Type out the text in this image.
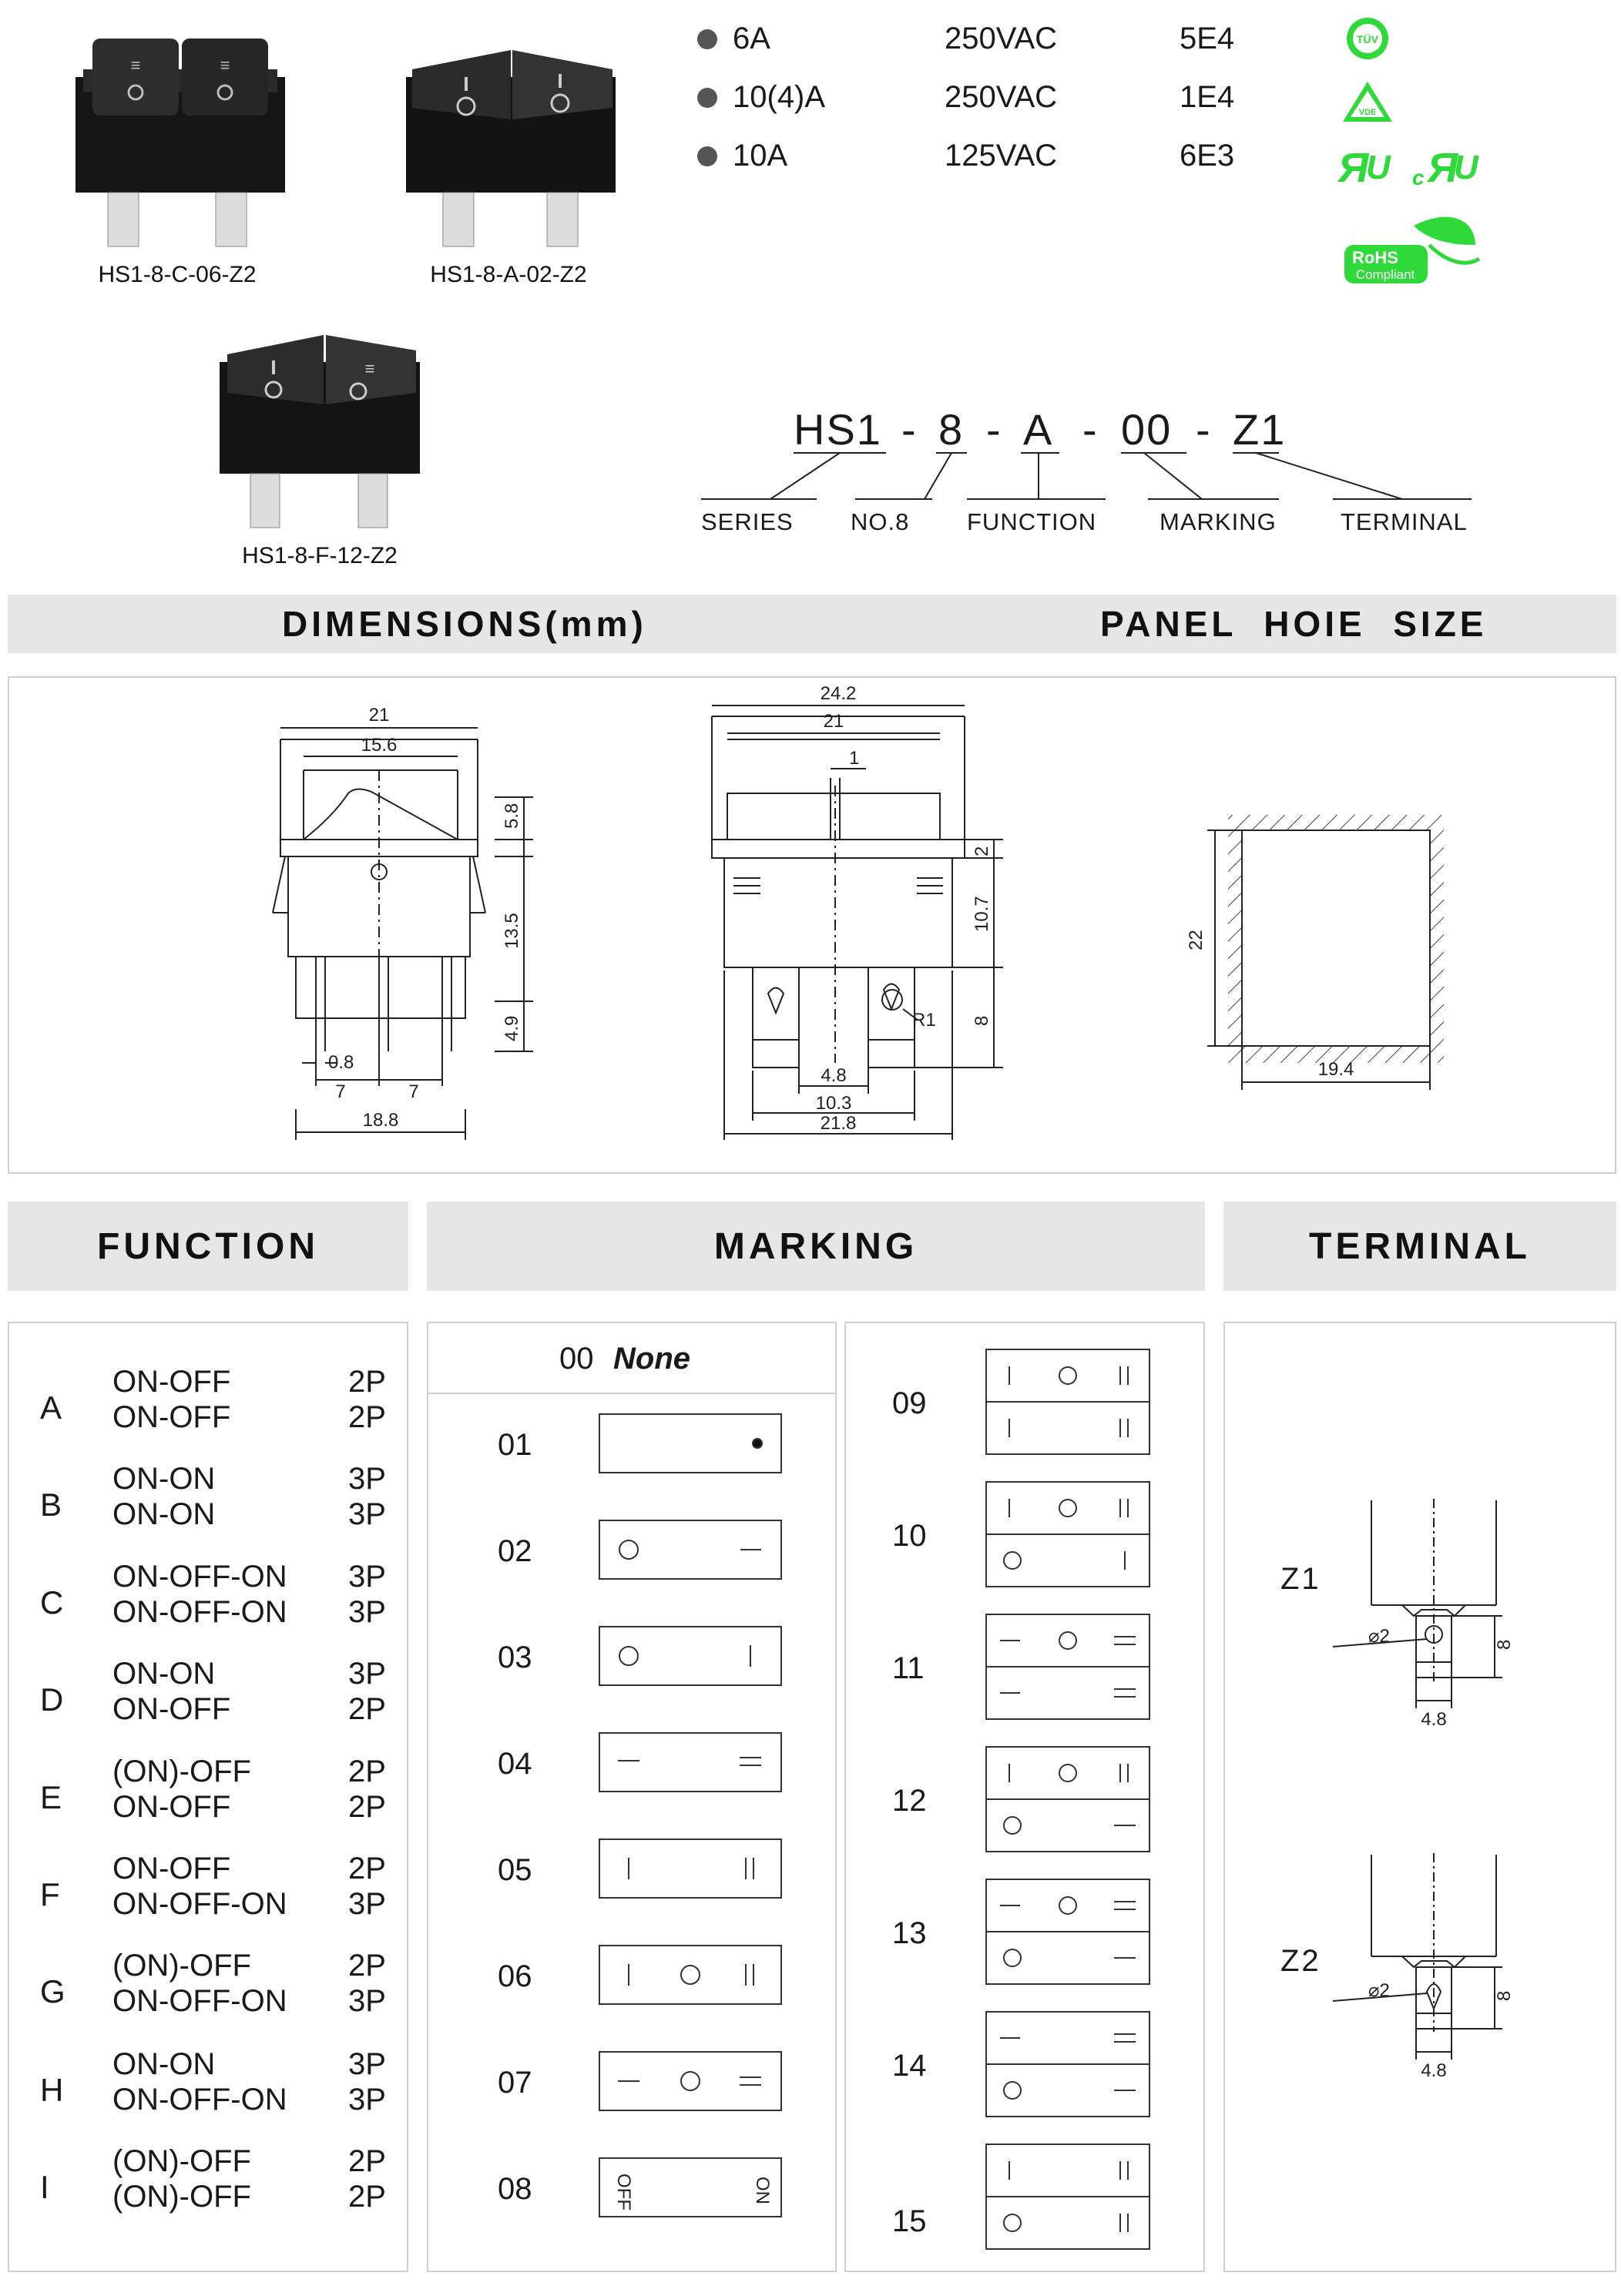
≡	≡
HS1-8-C-06-Z2	HS1-8-A-02-Z2
≡
HS1-8-F-12-Z2
6A	250VAC	5E4
10(4)A	250VAC	1E4
10A	125VAC	6E3
TÜV
VDE
Я
U c Я
U
RoHS
Compliant
HS1 - 8 - A - 00 - Z1
SERIES NO.8 FUNCTION	MARKING	TERMINAL
DIMENSIONS(mm)	PANEL  HOIE  SIZE
21
15.6
5.8
13.5
4.9
0.8
7	7
18.8
24.2
21
1
2
10.7
8
R1
4.8
10.3
21.8
22
19.4
FUNCTION	MARKING	TERMINAL
A
ON-OFF	2P
ON-OFF	2P
B
ON-ON	3P
ON-ON	3P
C
ON-OFF-ON 3P
ON-OFF-ON 3P
D
ON-ON	3P
ON-OFF	2P
E
(ON)-OFF	2P
ON-OFF	2P
F
ON-OFF	2P
ON-OFF-ON 3P
G
(ON)-OFF	2P
ON-OFF-ON 3P
H
ON-ON	3P
ON-OFF-ON 3P
I
(ON)-OFF	2P
(ON)-OFF	2P
00 None
OFF	ON
01
02
03
04
05
06
07
08
09
10
11
12
13
14
15
Z1
Z2
⌀2	8
4.8
⌀2	8
4.8
